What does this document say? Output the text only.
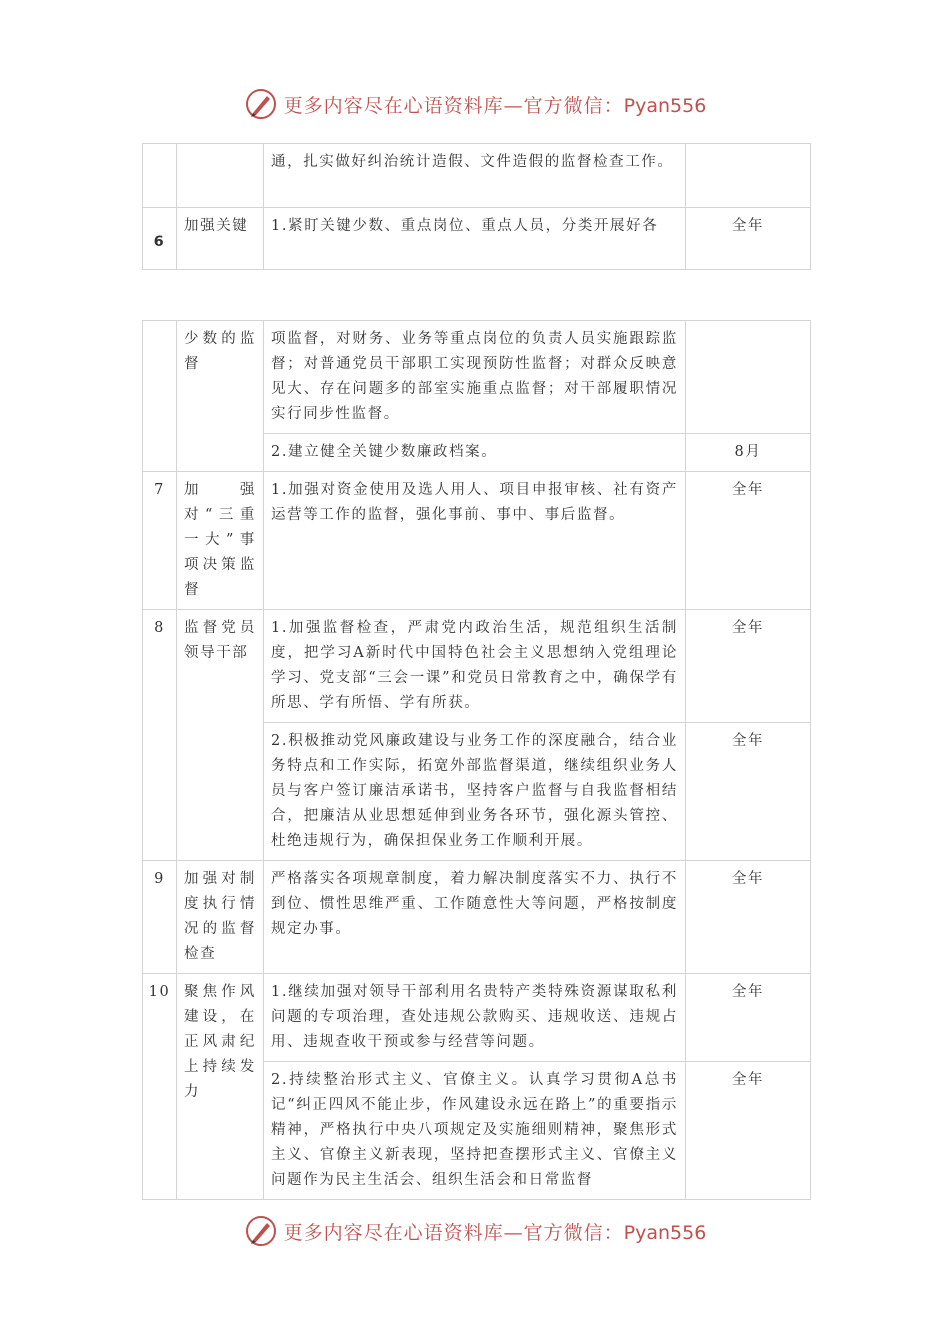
更多内容尽在心语资料库—官方微信：Pyan556
		通，扎实做好纠治统计造假、文件造假的监督检查工作。	
6	加强关键	1.紧盯关键少数、重点岗位、重点人员，分类开展好各	全年
	少数的监督	项监督，对财务、业务等重点岗位的负责人员实施跟踪监督；对普通党员干部职工实现预防性监督；对群众反映意见大、存在问题多的部室实施重点监督；对干部履职情况实行同步性监督。	
		2.建立健全关键少数廉政档案。	8月
7	加强对“三重一大”事项决策监督	1.加强对资金使用及选人用人、项目申报审核、社有资产运营等工作的监督，强化事前、事中、事后监督。	全年
8	监督党员领导干部	1.加强监督检查，严肃党内政治生活，规范组织生活制度，把学习A新时代中国特色社会主义思想纳入党组理论学习、党支部“三会一课”和党员日常教育之中，确保学有所思、学有所悟、学有所获。	全年
		2.积极推动党风廉政建设与业务工作的深度融合，结合业务特点和工作实际，拓宽外部监督渠道，继续组织业务人员与客户签订廉洁承诺书，坚持客户监督与自我监督相结合，把廉洁从业思想延伸到业务各环节，强化源头管控、杜绝违规行为，确保担保业务工作顺利开展。	全年
9	加强对制度执行情况的监督检查	严格落实各项规章制度，着力解决制度落实不力、执行不到位、惯性思维严重、工作随意性大等问题，严格按制度规定办事。	全年
10	聚焦作风建设，在正风肃纪上持续发力	1.继续加强对领导干部利用名贵特产类特殊资源谋取私利问题的专项治理，查处违规公款购买、违规收送、违规占用、违规查收干预或参与经营等问题。	全年
		2.持续整治形式主义、官僚主义。认真学习贯彻A总书记“纠正四风不能止步，作风建设永远在路上”的重要指示精神，严格执行中央八项规定及实施细则精神，聚焦形式主义、官僚主义新表现，坚持把查摆形式主义、官僚主义问题作为民主生活会、组织生活会和日常监督	全年
更多内容尽在心语资料库—官方微信：Pyan556
